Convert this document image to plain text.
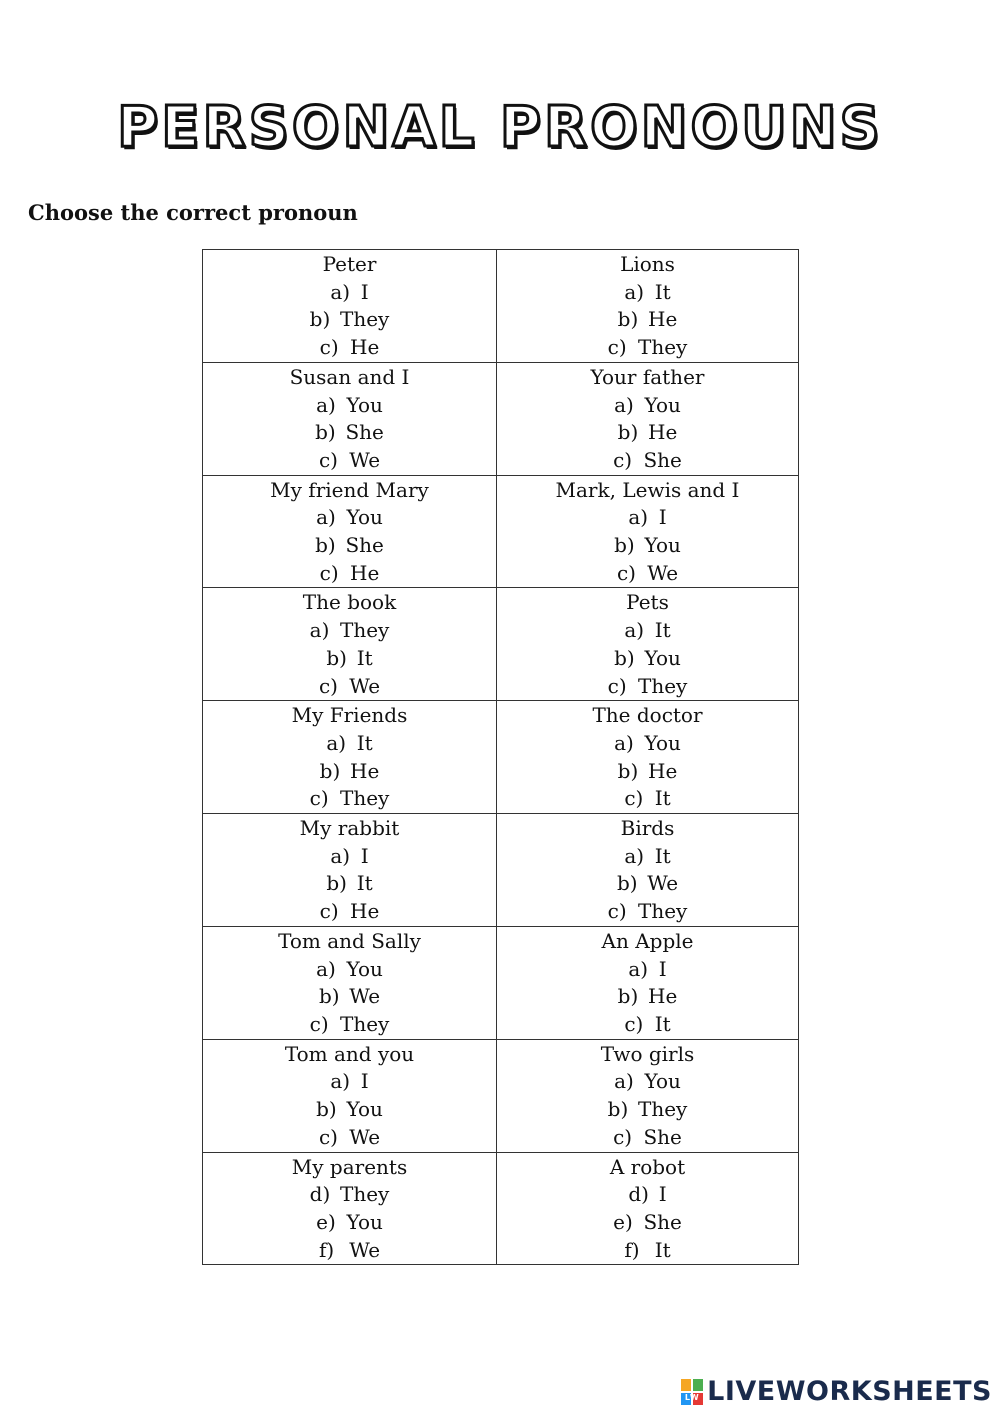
PERSONAL PRONOUNS
Choose the correct pronoun
Peter
a) I
b) They
c) He	Lions
a) It
b) He
c) They

Susan and I
a) You
b) She
c) We	Your father
a) You
b) He
c) She

My friend Mary
a) You
b) She
c) He	Mark, Lewis and I
a) I
b) You
c) We

The book
a) They
b) It
c) We	Pets
a) It
b) You
c) They

My Friends
a) It
b) He
c) They	The doctor
a) You
b) He
c) It

My rabbit
a) I
b) It
c) He	Birds
a) It
b) We
c) They

Tom and Sally
a) You
b) We
c) They	An Apple
a) I
b) He
c) It

Tom and you
a) I
b) You
c) We	Two girls
a) You
b) They
c) She

My parents
d) They
e) You
f) We	A robot
d) I
e) She
f) It
LW LIVEWORKSHEETS
